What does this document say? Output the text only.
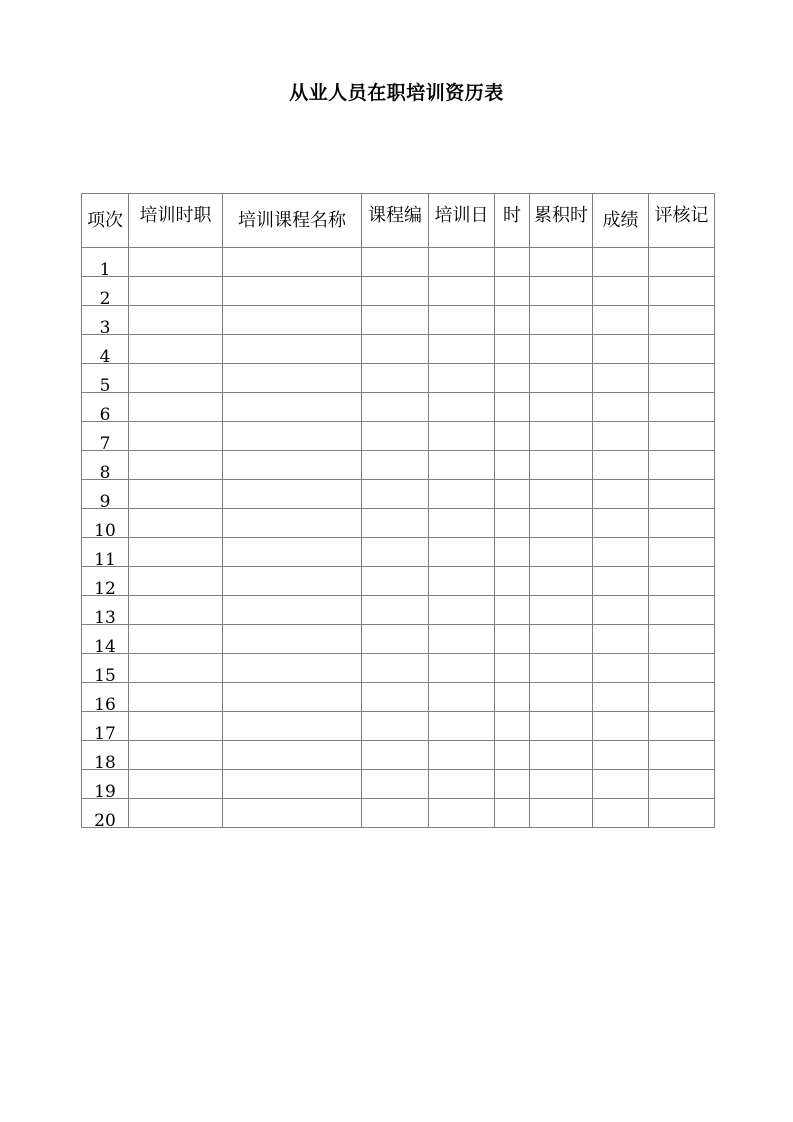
从业人员在职培训资历表
项次	培训时职	培训课程名称	课程编	培训日	时	累积时	成绩	评核记
1								
2								
3								
4								
5								
6								
7								
8								
9								
10								
11								
12								
13								
14								
15								
16								
17								
18								
19								
20								
